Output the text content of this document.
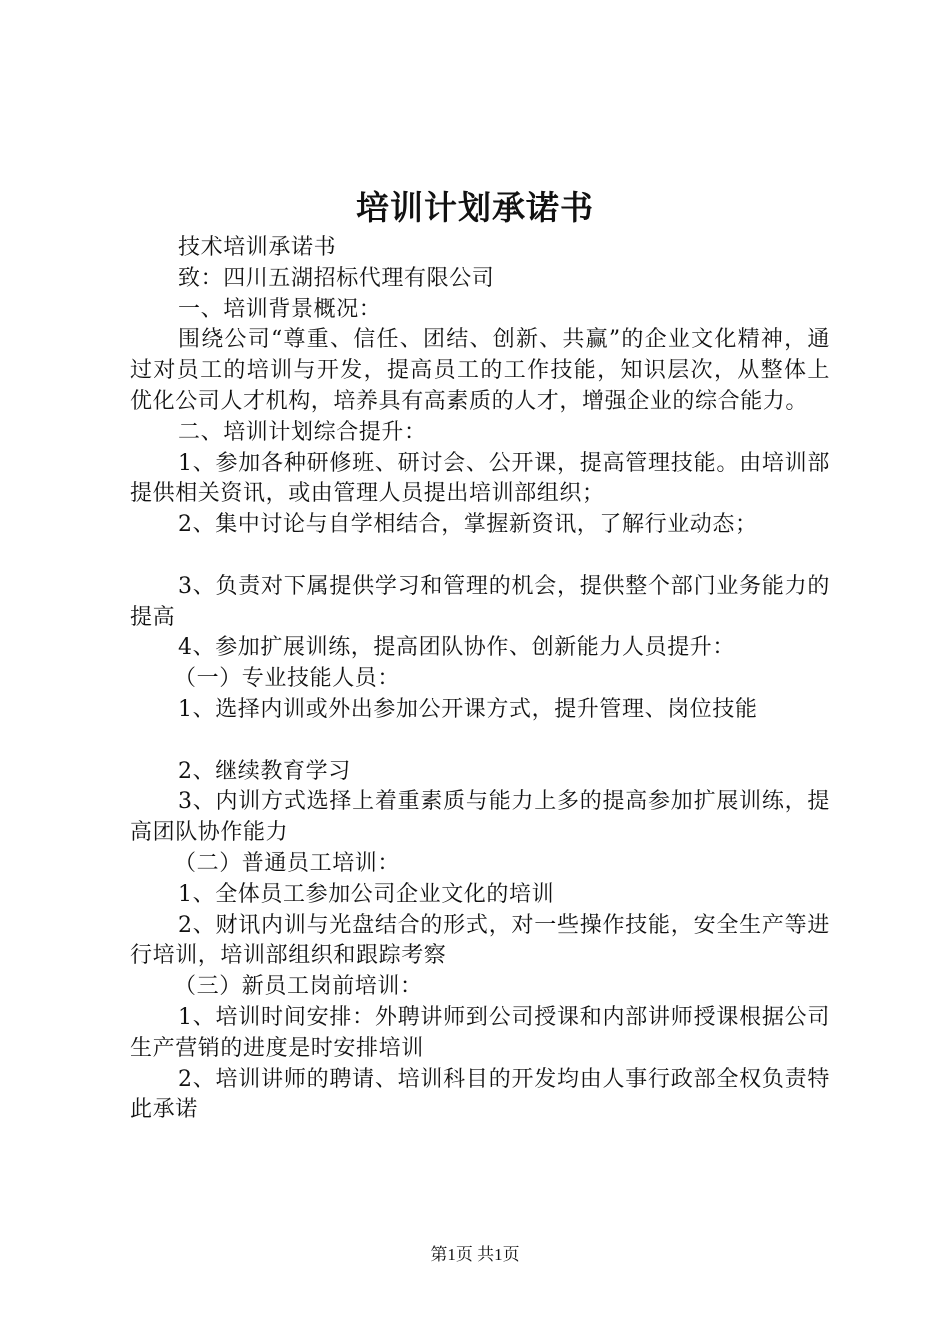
培训计划承诺书

技术培训承诺书

致：四川五湖招标代理有限公司

一、培训背景概况：

围绕公司“尊重、信任、团结、创新、共赢”的企业文化精神，通过对员工的培训与开发，提高员工的工作技能，知识层次，从整体上优化公司人才机构，培养具有高素质的人才，增强企业的综合能力。

二、培训计划综合提升：

1、参加各种研修班、研讨会、公开课，提高管理技能。由培训部提供相关资讯，或由管理人员提出培训部组织；

2、集中讨论与自学相结合，掌握新资讯，了解行业动态；

3、负责对下属提供学习和管理的机会，提供整个部门业务能力的提高

4、参加扩展训练，提高团队协作、创新能力人员提升：

（一）专业技能人员：

1、选择内训或外出参加公开课方式，提升管理、岗位技能

2、继续教育学习

3、内训方式选择上着重素质与能力上多的提高参加扩展训练，提高团队协作能力

（二）普通员工培训：

1、全体员工参加公司企业文化的培训

2、财讯内训与光盘结合的形式，对一些操作技能，安全生产等进行培训，培训部组织和跟踪考察

（三）新员工岗前培训：

1、培训时间安排：外聘讲师到公司授课和内部讲师授课根据公司生产营销的进度是时安排培训

2、培训讲师的聘请、培训科目的开发均由人事行政部全权负责特此承诺

第1页 共1页
